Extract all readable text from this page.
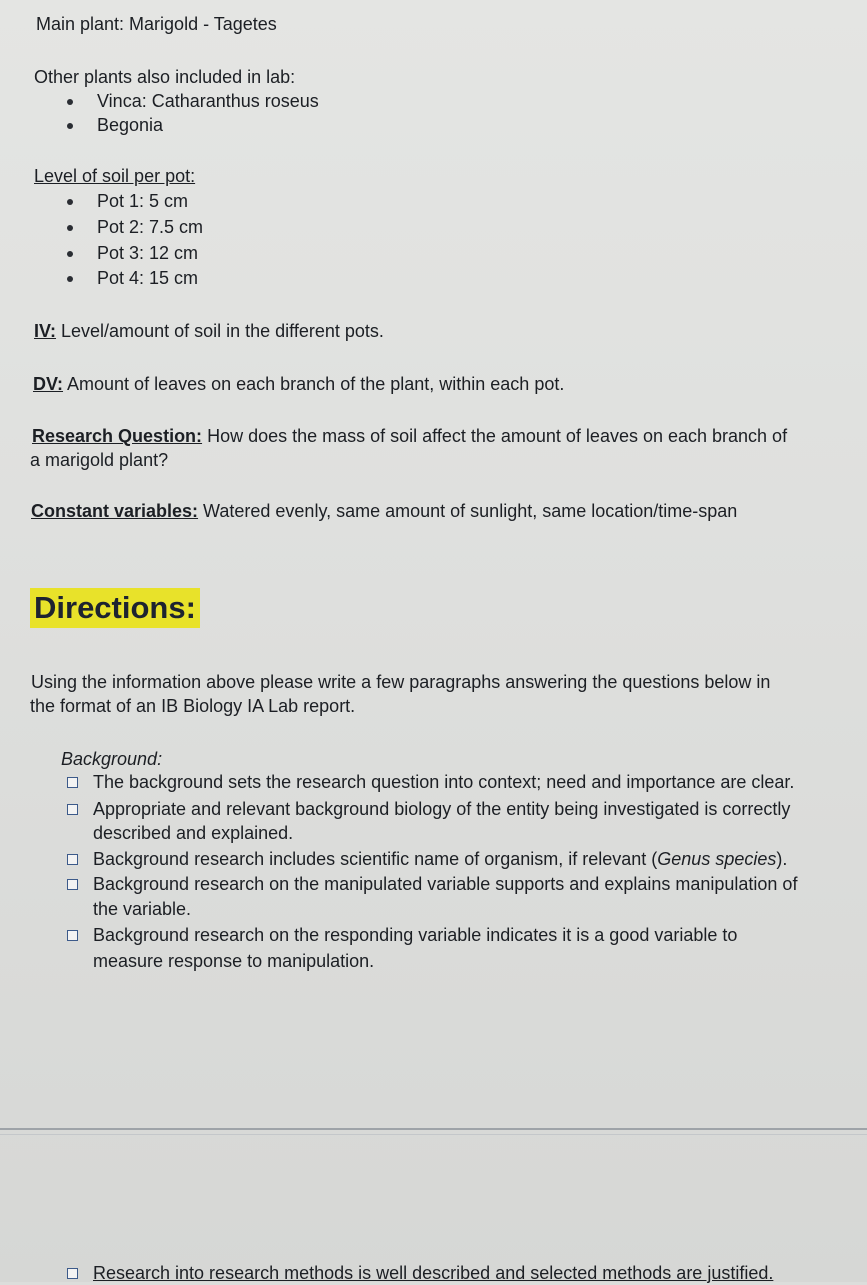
Main plant: Marigold - Tagetes
Other plants also included in lab:
Vinca: Catharanthus roseus
Begonia
Level of soil per pot:
Pot 1: 5 cm
Pot 2: 7.5 cm
Pot 3: 12 cm
Pot 4: 15 cm
IV: Level/amount of soil in the different pots.
DV: Amount of leaves on each branch of the plant, within each pot.
Research Question: How does the mass of soil affect the amount of leaves on each branch of
a marigold plant?
Constant variables: Watered evenly, same amount of sunlight, same location/time-span
Directions:
Using the information above please write a few paragraphs answering the questions below in
the format of an IB Biology IA Lab report.
Background:
The background sets the research question into context; need and importance are clear.
Appropriate and relevant background biology of the entity being investigated is correctly
described and explained.
Background research includes scientific name of organism, if relevant (Genus species).
Background research on the manipulated variable supports and explains manipulation of
the variable.
Background research on the responding variable indicates it is a good variable to
measure response to manipulation.
Research into research methods is well described and selected methods are justified.
